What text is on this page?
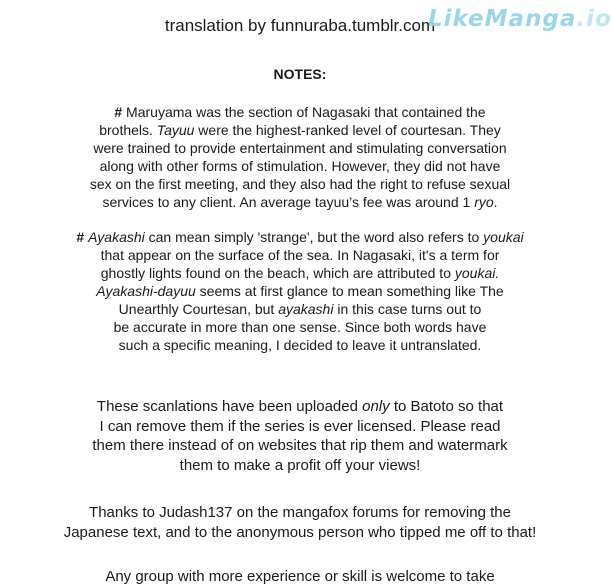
translation by funnuraba.tumblr.com
LikeManga.io
NOTES:

# Maruyama was the section of Nagasaki that contained the

brothels. Tayuu were the highest-ranked level of courtesan. They

were trained to provide entertainment and stimulating conversation

along with other forms of stimulation. However, they did not have

sex on the first meeting, and they also had the right to refuse sexual

services to any client. An average tayuu’s fee was around 1 ryo.

# Ayakashi can mean simply 'strange', but the word also refers to youkai

that appear on the surface of the sea. In Nagasaki, it's a term for

ghostly lights found on the beach, which are attributed to youkai.

Ayakashi-dayuu seems at first glance to mean something like The

Unearthly Courtesan, but ayakashi in this case turns out to

be accurate in more than one sense. Since both words have

such a specific meaning, I decided to leave it untranslated.

These scanlations have been uploaded only to Batoto so that

I can remove them if the series is ever licensed. Please read

them there instead of on websites that rip them and watermark

them to make a profit off your views!

Thanks to Judash137 on the mangafox forums for removing the

Japanese text, and to the anonymous person who tipped me off to that!

Any group with more experience or skill is welcome to take
